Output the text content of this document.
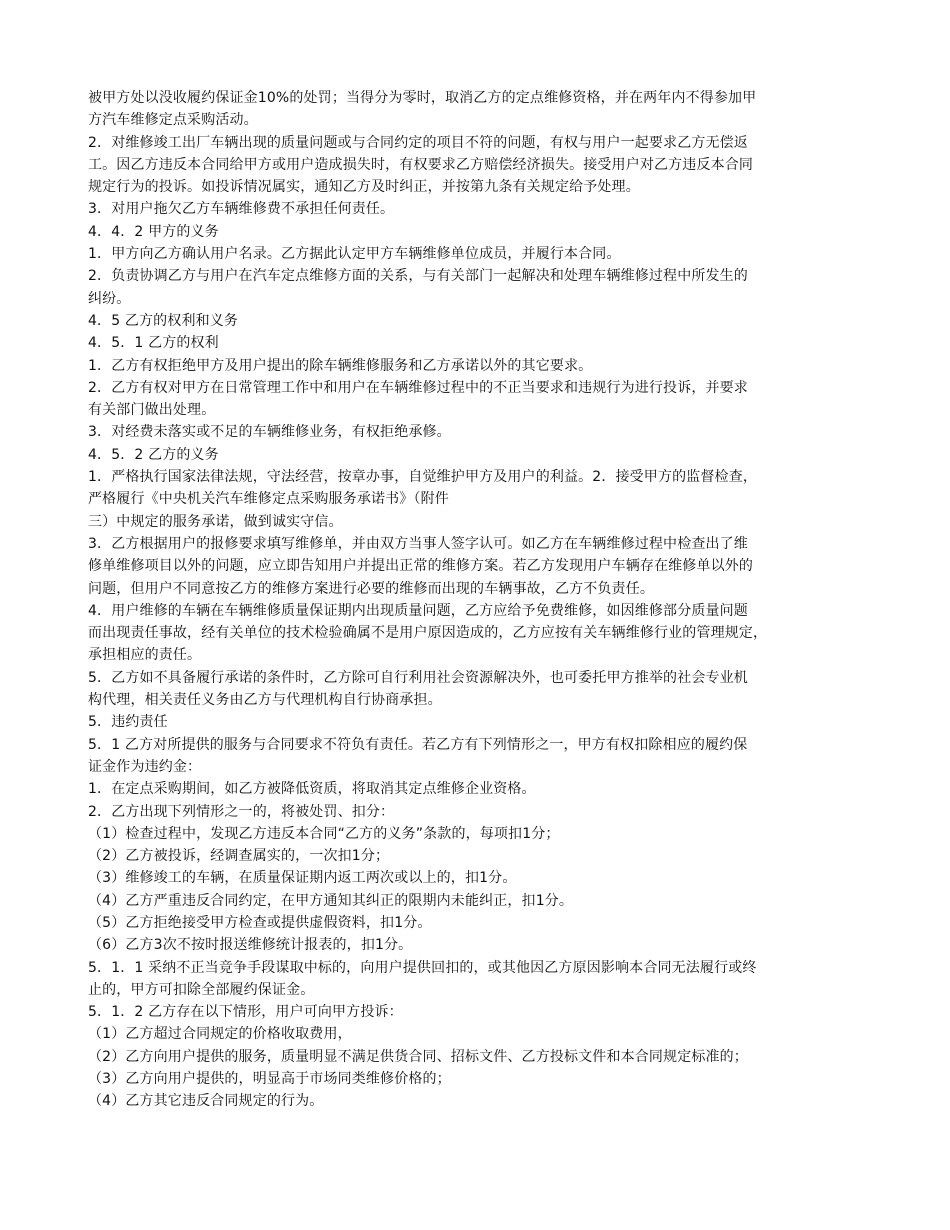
被甲方处以没收履约保证金10%的处罚；当得分为零时，取消乙方的定点维修资格，并在两年内不得参加甲
方汽车维修定点采购活动。
2．对维修竣工出厂车辆出现的质量问题或与合同约定的项目不符的问题，有权与用户一起要求乙方无偿返
工。因乙方违反本合同给甲方或用户造成损失时，有权要求乙方赔偿经济损失。接受用户对乙方违反本合同
规定行为的投诉。如投诉情况属实，通知乙方及时纠正，并按第九条有关规定给予处理。
3．对用户拖欠乙方车辆维修费不承担任何责任。
4．4．2 甲方的义务
1．甲方向乙方确认用户名录。乙方据此认定甲方车辆维修单位成员，并履行本合同。
2．负责协调乙方与用户在汽车定点维修方面的关系，与有关部门一起解决和处理车辆维修过程中所发生的
纠纷。
4．5 乙方的权利和义务
4．5．1 乙方的权利
1．乙方有权拒绝甲方及用户提出的除车辆维修服务和乙方承诺以外的其它要求。
2．乙方有权对甲方在日常管理工作中和用户在车辆维修过程中的不正当要求和违规行为进行投诉，并要求
有关部门做出处理。
3．对经费未落实或不足的车辆维修业务，有权拒绝承修。
4．5．2 乙方的义务
1．严格执行国家法律法规，守法经营，按章办事，自觉维护甲方及用户的利益。2．接受甲方的监督检查，
严格履行《中央机关汽车维修定点采购服务承诺书》（附件
三）中规定的服务承诺，做到诚实守信。
3．乙方根据用户的报修要求填写维修单，并由双方当事人签字认可。如乙方在车辆维修过程中检查出了维
修单维修项目以外的问题，应立即告知用户并提出正常的维修方案。若乙方发现用户车辆存在维修单以外的
问题，但用户不同意按乙方的维修方案进行必要的维修而出现的车辆事故，乙方不负责任。
4．用户维修的车辆在车辆维修质量保证期内出现质量问题，乙方应给予免费维修，如因维修部分质量问题
而出现责任事故，经有关单位的技术检验确属不是用户原因造成的，乙方应按有关车辆维修行业的管理规定，
承担相应的责任。
5．乙方如不具备履行承诺的条件时，乙方除可自行利用社会资源解决外，也可委托甲方推举的社会专业机
构代理，相关责任义务由乙方与代理机构自行协商承担。
5．违约责任
5．1 乙方对所提供的服务与合同要求不符负有责任。若乙方有下列情形之一，甲方有权扣除相应的履约保
证金作为违约金：
1．在定点采购期间，如乙方被降低资质，将取消其定点维修企业资格。
2．乙方出现下列情形之一的，将被处罚、扣分：
（1）检查过程中，发现乙方违反本合同“乙方的义务”条款的，每项扣1分；
（2）乙方被投诉，经调查属实的，一次扣1分；
（3）维修竣工的车辆，在质量保证期内返工两次或以上的，扣1分。
（4）乙方严重违反合同约定，在甲方通知其纠正的限期内未能纠正，扣1分。
（5）乙方拒绝接受甲方检查或提供虚假资料，扣1分。
（6）乙方3次不按时报送维修统计报表的，扣1分。
5．1．1 采纳不正当竞争手段谋取中标的，向用户提供回扣的，或其他因乙方原因影响本合同无法履行或终
止的，甲方可扣除全部履约保证金。
5．1．2 乙方存在以下情形，用户可向甲方投诉：
（1）乙方超过合同规定的价格收取费用，
（2）乙方向用户提供的服务，质量明显不满足供货合同、招标文件、乙方投标文件和本合同规定标准的；
（3）乙方向用户提供的，明显高于市场同类维修价格的；
（4）乙方其它违反合同规定的行为。
